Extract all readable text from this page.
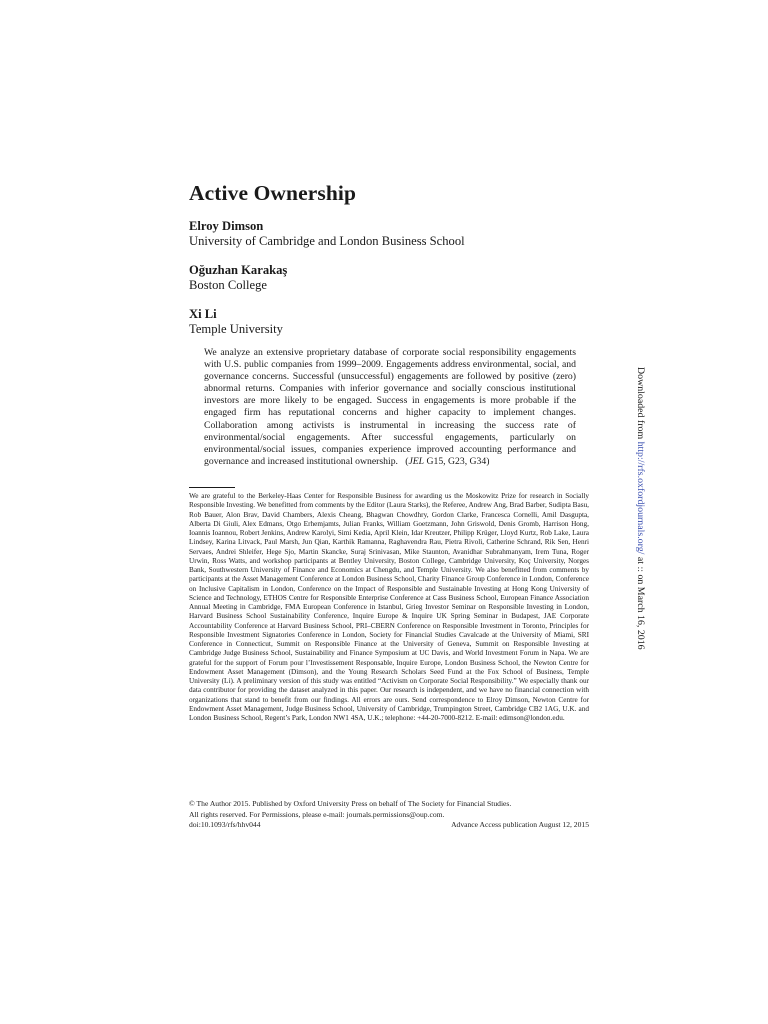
Active Ownership
Elroy Dimson
University of Cambridge and London Business School
Oğuzhan Karakaş
Boston College
Xi Li
Temple University
We analyze an extensive proprietary database of corporate social responsibility engagements with U.S. public companies from 1999–2009. Engagements address environmental, social, and governance concerns. Successful (unsuccessful) engagements are followed by positive (zero) abnormal returns. Companies with inferior governance and socially conscious institutional investors are more likely to be engaged. Success in engagements is more probable if the engaged firm has reputational concerns and higher capacity to implement changes. Collaboration among activists is instrumental in increasing the success rate of environmental/social engagements. After successful engagements, particularly on environmental/social issues, companies experience improved accounting performance and governance and increased institutional ownership. (JEL G15, G23, G34)
We are grateful to the Berkeley-Haas Center for Responsible Business for awarding us the Moskowitz Prize for research in Socially Responsible Investing. We benefitted from comments by the Editor (Laura Starks), the Referee, Andrew Ang, Brad Barber, Sudipta Basu, Rob Bauer, Alon Brav, David Chambers, Alexis Cheang, Bhagwan Chowdhry, Gordon Clarke, Francesca Cornelli, Amil Dasgupta, Alberta Di Giuli, Alex Edmans, Otgo Erhemjamts, Julian Franks, William Goetzmann, John Griswold, Denis Gromb, Harrison Hong, Ioannis Ioannou, Robert Jenkins, Andrew Karolyi, Simi Kedia, April Klein, Idar Kreutzer, Philipp Krüger, Lloyd Kurtz, Rob Lake, Laura Lindsey, Karina Litvack, Paul Marsh, Jun Qian, Karthik Ramanna, Raghavendra Rau, Pietra Rivoli, Catherine Schrand, Rik Sen, Henri Servaes, Andrei Shleifer, Hege Sjo, Martin Skancke, Suraj Srinivasan, Mike Staunton, Avanidhar Subrahmanyam, Irem Tuna, Roger Urwin, Ross Watts, and workshop participants at Bentley University, Boston College, Cambridge University, Koç University, Norges Bank, Southwestern University of Finance and Economics at Chengdu, and Temple University. We also benefitted from comments by participants at the Asset Management Conference at London Business School, Charity Finance Group Conference in London, Conference on Inclusive Capitalism in London, Conference on the Impact of Responsible and Sustainable Investing at Hong Kong University of Science and Technology, ETHOS Centre for Responsible Enterprise Conference at Cass Business School, European Finance Association Annual Meeting in Cambridge, FMA European Conference in Istanbul, Grieg Investor Seminar on Responsible Investing in London, Harvard Business School Sustainability Conference, Inquire Europe & Inquire UK Spring Seminar in Budapest, JAE Corporate Accountability Conference at Harvard Business School, PRI–CBERN Conference on Responsible Investment in Toronto, Principles for Responsible Investment Signatories Conference in London, Society for Financial Studies Cavalcade at the University of Miami, SRI Conference in Connecticut, Summit on Responsible Finance at the University of Geneva, Summit on Responsible Investing at Cambridge Judge Business School, Sustainability and Finance Symposium at UC Davis, and World Investment Forum in Napa. We are grateful for the support of Forum pour l’Investissement Responsable, Inquire Europe, London Business School, the Newton Centre for Endowment Asset Management (Dimson), and the Young Research Scholars Seed Fund at the Fox School of Business, Temple University (Li). A preliminary version of this study was entitled “Activism on Corporate Social Responsibility.” We especially thank our data contributor for providing the dataset analyzed in this paper. Our research is independent, and we have no financial connection with organizations that stand to benefit from our findings. All errors are ours. Send correspondence to Elroy Dimson, Newton Centre for Endowment Asset Management, Judge Business School, University of Cambridge, Trumpington Street, Cambridge CB2 1AG, U.K. and London Business School, Regent’s Park, London NW1 4SA, U.K.; telephone: +44-20-7000-8212. E-mail: edimson@london.edu.
© The Author 2015. Published by Oxford University Press on behalf of The Society for Financial Studies.
All rights reserved. For Permissions, please e-mail: journals.permissions@oup.com.
doi:10.1093/rfs/hhv044	Advance Access publication August 12, 2015
Downloaded from http://rfs.oxfordjournals.org/ at :: on March 16, 2016
